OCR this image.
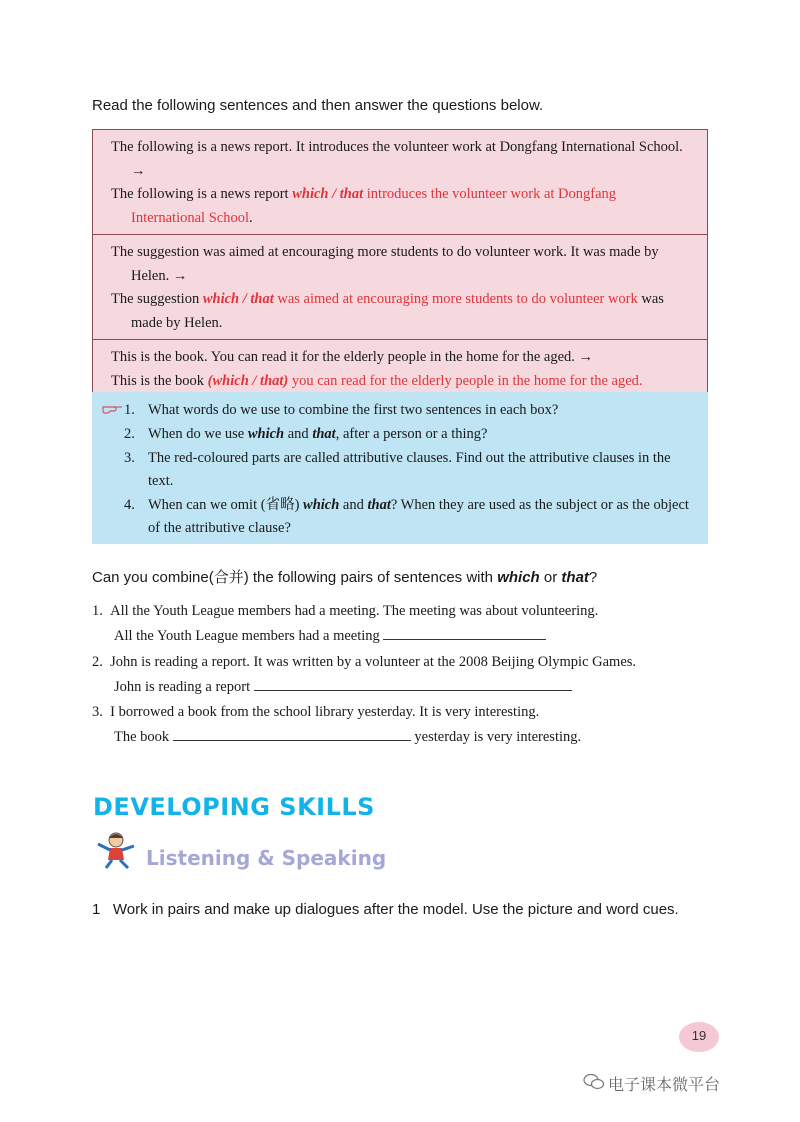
Read the following sentences and then answer the questions below.
The following is a news report. It introduces the volunteer work at Dongfang International School. →
The following is a news report which / that introduces the volunteer work at Dongfang International School.
The suggestion was aimed at encouraging more students to do volunteer work. It was made by Helen. →
The suggestion which / that was aimed at encouraging more students to do volunteer work was made by Helen.
This is the book. You can read it for the elderly people in the home for the aged. →
This is the book (which / that) you can read for the elderly people in the home for the aged.
1. What words do we use to combine the first two sentences in each box?
2. When do we use which and that, after a person or a thing?
3. The red-coloured parts are called attributive clauses. Find out the attributive clauses in the text.
4. When can we omit (省略) which and that? When they are used as the subject or as the object of the attributive clause?
Can you combine(合并) the following pairs of sentences with which or that?
1. All the Youth League members had a meeting. The meeting was about volunteering.
All the Youth League members had a meeting
2. John is reading a report. It was written by a volunteer at the 2008 Beijing Olympic Games.
John is reading a report
3. I borrowed a book from the school library yesterday. It is very interesting.
The book	yesterday is very interesting.
DEVELOPING SKILLS
Listening & Speaking
1 Work in pairs and make up dialogues after the model. Use the picture and word cues.
19
电子课本微平台
